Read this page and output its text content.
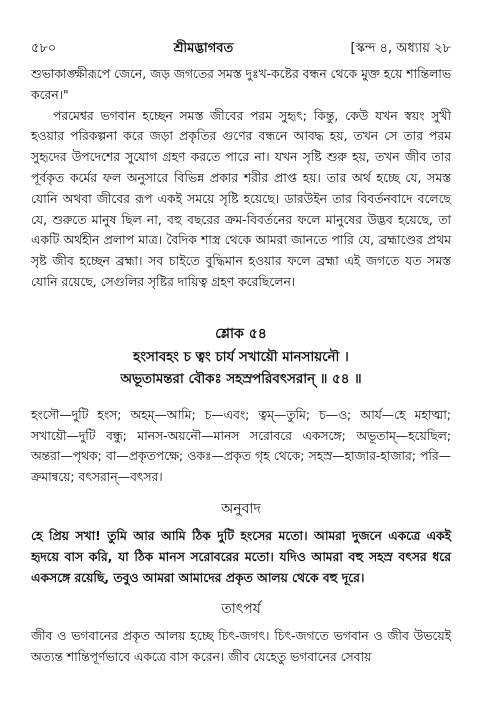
৫৮০	শ্রীমদ্ভাগবত	[স্কন্দ ৪, অধ্যায় ২৮

শুভাকাঙ্ক্ষীরূপে জেনে, জড় জগতের সমস্ত দুঃখ-কষ্টের বন্ধন থেকে মুক্ত হয়ে শান্তিলাভ করেন।"

পরমেশ্বর ভগবান হচ্ছেন সমস্ত জীবের পরম সুহৃৎ; কিন্তু, কেউ যখন স্বয়ং সুখী হওয়ার পরিকল্পনা করে জড়া প্রকৃতির গুণের বন্ধনে আবদ্ধ হয়, তখন সে তার পরম সুহৃদের উপদেশের সুযোগ গ্রহণ করতে পারে না। যখন সৃষ্টি শুরু হয়, তখন জীব তার পূর্বকৃত কর্মের ফল অনুসারে বিভিন্ন প্রকার শরীর প্রাপ্ত হয়। তার অর্থ হচ্ছে যে, সমস্ত যোনি অথবা জীবের রূপ একই সময়ে সৃষ্টি হয়েছে। ডারউইন তার বিবর্তনবাদে বলেছে যে, শুরুতে মানুষ ছিল না, বহু বছরের ক্রম-বিবর্তনের ফলে মানুষের উদ্ভব হয়েছে, তা একটি অর্থহীন প্রলাপ মাত্র। বৈদিক শাস্ত্র থেকে আমরা জানতে পারি যে, ব্রহ্মাণ্ডের প্রথম সৃষ্ট জীব হচ্ছেন ব্রহ্মা। সব চাইতে বুদ্ধিমান হওয়ার ফলে ব্রহ্মা এই জগতে যত সমস্ত যোনি রয়েছে, সেগুলির সৃষ্টির দায়িত্ব গ্রহণ করেছিলেন।

শ্লোক ৫৪
হংসাবহং চ ত্বং চার্য সখায়ৌ মানসায়নৌ ।
অভূতামন্তরা বৌকঃ সহস্রপরিবৎসরান্ ॥ ৫৪ ॥

হংসৌ—দুটি হংস; অহম্—আমি; চ—এবং; ত্বম্—তুমি; চ—ও; আর্য—হে মহাত্মা; সখায়ৌ—দুটি বন্ধু; মানস-অয়নৌ—মানস সরোবরে একসঙ্গে; অভূতাম্—হয়েছিল; অন্তরা—পৃথক; বা—প্রকৃতপক্ষে; ওকঃ—প্রকৃত গৃহ থেকে; সহস্র—হাজার-হাজার; পরি—ক্রমান্বয়ে; বৎসরান্—বৎসর।

অনুবাদ

হে প্রিয় সখা! তুমি আর আমি ঠিক দুটি হংসের মতো। আমরা দুজনে একত্রে একই হৃদয়ে বাস করি, যা ঠিক মানস সরোবরের মতো। যদিও আমরা বহু সহস্র বৎসর ধরে একসঙ্গে রয়েছি, তবুও আমরা আমাদের প্রকৃত আলয় থেকে বহু দূরে।

তাৎপর্য

জীব ও ভগবানের প্রকৃত আলয় হচ্ছে চিৎ-জগৎ। চিৎ-জগতে ভগবান ও জীব উভয়েই অত্যন্ত শান্তিপূর্ণভাবে একত্রে বাস করেন। জীব যেহেতু ভগবানের সেবায়
